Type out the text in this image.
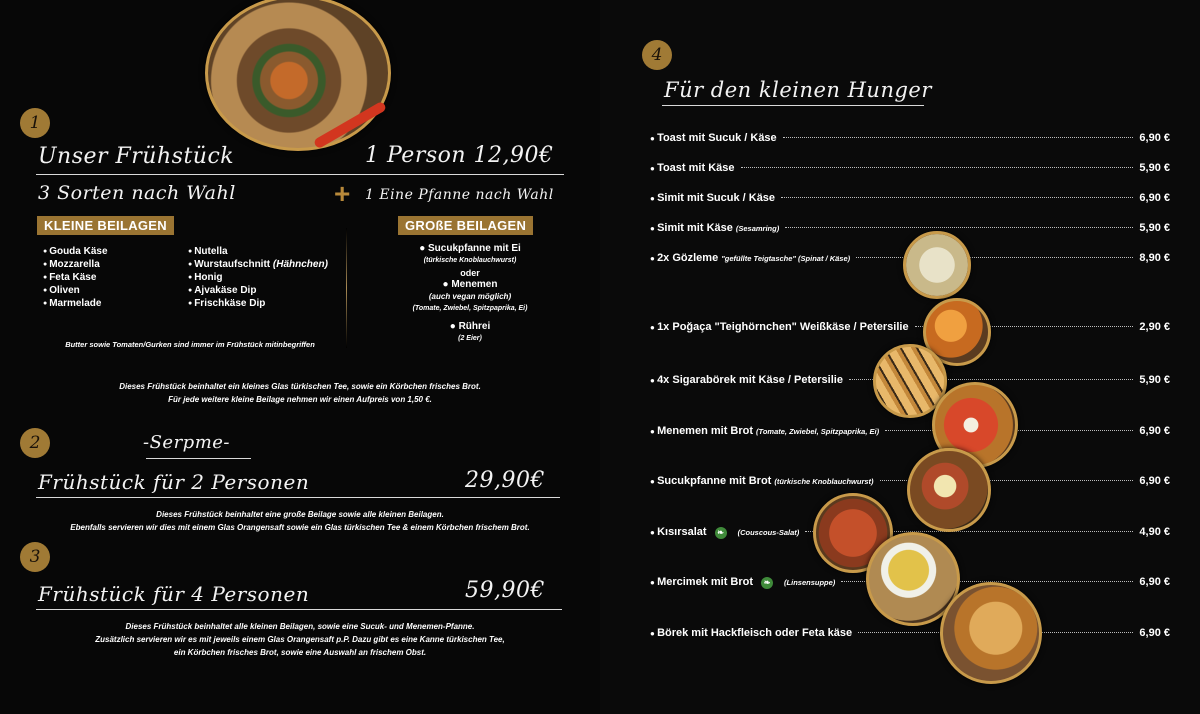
1
Unser Frühstück	1 Person 12,90€
3 Sorten nach Wahl	+ 1 Eine Pfanne nach Wahl
KLEINE BEILAGEN	GROßE BEILAGEN
● Gouda Käse
● Mozzarella
● Feta Käse
● Oliven
● Marmelade
● Nutella
● Wurstaufschnitt (Hähnchen)
● Honig
● Ajvakäse Dip
● Frischkäse Dip
● Sucukpfanne mit Ei
(türkische Knoblauchwurst)
oder
● Menemen
(auch vegan möglich)
(Tomate, Zwiebel, Spitzpaprika, Ei)
● Rührei
(2 Eier)
Butter sowie Tomaten/Gurken sind immer im Frühstück mitinbegriffen
Dieses Frühstück beinhaltet ein kleines Glas türkischen Tee, sowie ein Körbchen frisches Brot.
Für jede weitere kleine Beilage nehmen wir einen Aufpreis von 1,50 €.
2	-Serpme-
Frühstück für 2 Personen	29,90€
Dieses Frühstück beinhaltet eine große Beilage sowie alle kleinen Beilagen.
Ebenfalls servieren wir dies mit einem Glas Orangensaft sowie ein Glas türkischen Tee & einem Körbchen frischem Brot.
3
Frühstück für 4 Personen	59,90€
Dieses Frühstück beinhaltet alle kleinen Beilagen, sowie eine Sucuk- und Menemen-Pfanne.
Zusätzlich servieren wir es mit jeweils einem Glas Orangensaft p.P. Dazu gibt es eine Kanne türkischen Tee,
ein Körbchen frisches Brot, sowie eine Auswahl an frischem Obst.
4
Für den kleinen Hunger
● Toast mit Sucuk / Käse	6,90 €
● Toast mit Käse	5,90 €
● Simit mit Sucuk / Käse	6,90 €
● Simit mit Käse (Sesamring)	5,90 €
● 2x Gözleme "gefüllte Teigtasche" (Spinat / Käse)	8,90 €
● 1x Poğaça "Teighörnchen" Weißkäse / Petersilie	2,90 €
● 4x Sigarabörek mit Käse / Petersilie	5,90 €
● Menemen mit Brot (Tomate, Zwiebel, Spitzpaprika, Ei)	6,90 €
● Sucukpfanne mit Brot (türkische Knoblauchwurst)	6,90 €
● Kısırsalat	❧	(Couscous-Salat)	4,90 €
● Mercimek mit Brot	❧	(Linsensuppe)	6,90 €
● Börek mit Hackfleisch oder Feta käse	6,90 €
